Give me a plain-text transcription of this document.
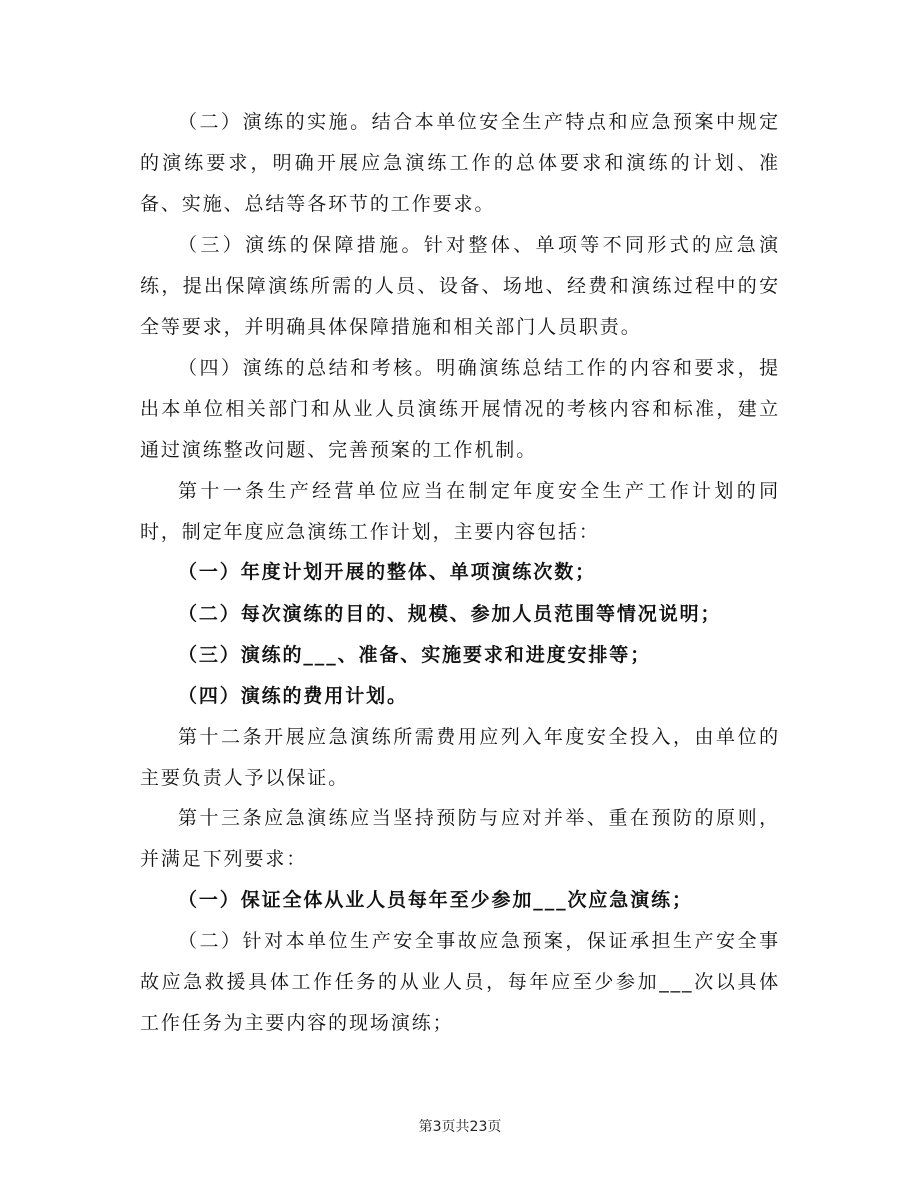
（二）演练的实施。结合本单位安全生产特点和应急预案中规定的演练要求，明确开展应急演练工作的总体要求和演练的计划、准备、实施、总结等各环节的工作要求。

（三）演练的保障措施。针对整体、单项等不同形式的应急演练，提出保障演练所需的人员、设备、场地、经费和演练过程中的安全等要求，并明确具体保障措施和相关部门人员职责。

（四）演练的总结和考核。明确演练总结工作的内容和要求，提出本单位相关部门和从业人员演练开展情况的考核内容和标准，建立通过演练整改问题、完善预案的工作机制。

第十一条生产经营单位应当在制定年度安全生产工作计划的同时，制定年度应急演练工作计划，主要内容包括：

（一）年度计划开展的整体、单项演练次数；

（二）每次演练的目的、规模、参加人员范围等情况说明；

（三）演练的___、准备、实施要求和进度安排等；

（四）演练的费用计划。

第十二条开展应急演练所需费用应列入年度安全投入，由单位的主要负责人予以保证。

第十三条应急演练应当坚持预防与应对并举、重在预防的原则，并满足下列要求：

（一）保证全体从业人员每年至少参加___次应急演练；

（二）针对本单位生产安全事故应急预案，保证承担生产安全事故应急救援具体工作任务的从业人员，每年应至少参加___次以具体工作任务为主要内容的现场演练；

第3页共23页
